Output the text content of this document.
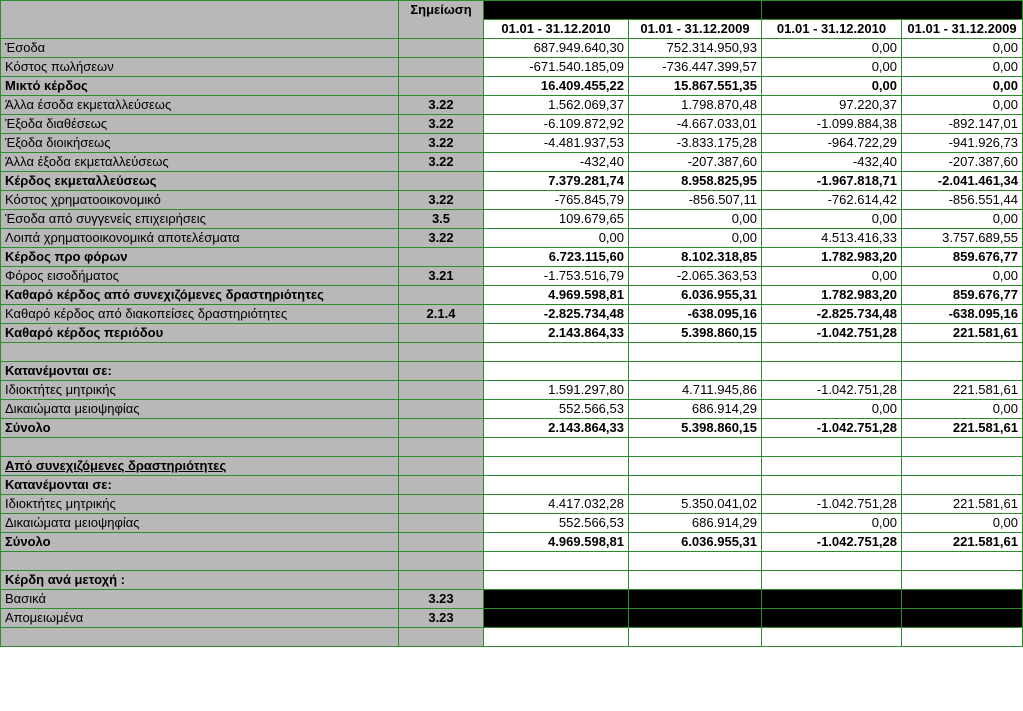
	Σημείωση				
		01.01 - 31.12.2010	01.01 - 31.12.2009	01.01 - 31.12.2010	01.01 - 31.12.2009
Έσοδα		687.949.640,30	752.314.950,93	0,00	0,00
Κόστος πωλήσεων		-671.540.185,09	-736.447.399,57	0,00	0,00
Μικτό κέρδος		16.409.455,22	15.867.551,35	0,00	0,00
Άλλα έσοδα εκμεταλλεύσεως	3.22	1.562.069,37	1.798.870,48	97.220,37	0,00
Έξοδα διαθέσεως	3.22	-6.109.872,92	-4.667.033,01	-1.099.884,38	-892.147,01
Έξοδα διοικήσεως	3.22	-4.481.937,53	-3.833.175,28	-964.722,29	-941.926,73
Άλλα έξοδα εκμεταλλεύσεως	3.22	-432,40	-207.387,60	-432,40	-207.387,60
Κέρδος εκμεταλλεύσεως		7.379.281,74	8.958.825,95	-1.967.818,71	-2.041.461,34
Κόστος χρηματοοικονομικό	3.22	-765.845,79	-856.507,11	-762.614,42	-856.551,44
Έσοδα από συγγενείς επιχειρήσεις	3.5	109.679,65	0,00	0,00	0,00
Λοιπά χρηματοοικονομικά αποτελέσματα	3.22	0,00	0,00	4.513.416,33	3.757.689,55
Κέρδος προ φόρων		6.723.115,60	8.102.318,85	1.782.983,20	859.676,77
Φόρος εισοδήματος	3.21	-1.753.516,79	-2.065.363,53	0,00	0,00
Καθαρό κέρδος από συνεχιζόμενες δραστηριότητες		4.969.598,81	6.036.955,31	1.782.983,20	859.676,77
Καθαρό κέρδος από διακοπείσες δραστηριότητες	2.1.4	-2.825.734,48	-638.095,16	-2.825.734,48	-638.095,16
Καθαρό κέρδος περιόδου		2.143.864,33	5.398.860,15	-1.042.751,28	221.581,61

Κατανέμονται σε:					
Ιδιοκτήτες μητρικής		1.591.297,80	4.711.945,86	-1.042.751,28	221.581,61
Δικαιώματα μειοψηφίας		552.566,53	686.914,29	0,00	0,00
Σύνολο		2.143.864,33	5.398.860,15	-1.042.751,28	221.581,61

Από συνεχιζόμενες δραστηριότητες					
Κατανέμονται σε:					
Ιδιοκτήτες μητρικής		4.417.032,28	5.350.041,02	-1.042.751,28	221.581,61
Δικαιώματα μειοψηφίας		552.566,53	686.914,29	0,00	0,00
Σύνολο		4.969.598,81	6.036.955,31	-1.042.751,28	221.581,61

Κέρδη ανά μετοχή :					
Βασικά	3.23				
Απομειωμένα	3.23				
